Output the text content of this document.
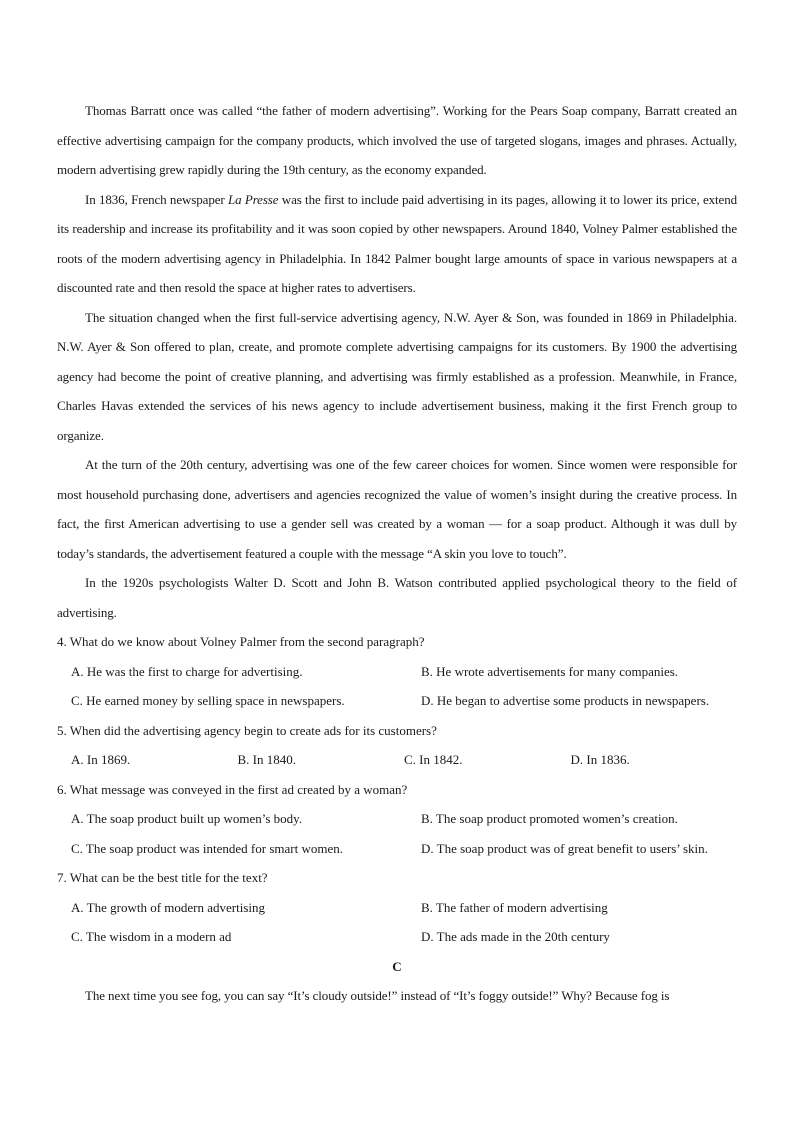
Thomas Barratt once was called “the father of modern advertising”. Working for the Pears Soap company, Barratt created an effective advertising campaign for the company products, which involved the use of targeted slogans, images and phrases. Actually, modern advertising grew rapidly during the 19th century, as the economy expanded.

In 1836, French newspaper La Presse was the first to include paid advertising in its pages, allowing it to lower its price, extend its readership and increase its profitability and it was soon copied by other newspapers. Around 1840, Volney Palmer established the roots of the modern advertising agency in Philadelphia. In 1842 Palmer bought large amounts of space in various newspapers at a discounted rate and then resold the space at higher rates to advertisers.

The situation changed when the first full-service advertising agency, N.W. Ayer & Son, was founded in 1869 in Philadelphia. N.W. Ayer & Son offered to plan, create, and promote complete advertising campaigns for its customers. By 1900 the advertising agency had become the point of creative planning, and advertising was firmly established as a profession. Meanwhile, in France, Charles Havas extended the services of his news agency to include advertisement business, making it the first French group to organize.

At the turn of the 20th century, advertising was one of the few career choices for women. Since women were responsible for most household purchasing done, advertisers and agencies recognized the value of women’s insight during the creative process. In fact, the first American advertising to use a gender sell was created by a woman — for a soap product. Although it was dull by today’s standards, the advertisement featured a couple with the message “A skin you love to touch”.

In the 1920s psychologists Walter D. Scott and John B. Watson contributed applied psychological theory to the field of advertising.

4. What do we know about Volney Palmer from the second paragraph?
A. He was the first to charge for advertising.	B. He wrote advertisements for many companies.
C. He earned money by selling space in newspapers.	D. He began to advertise some products in newspapers.
5. When did the advertising agency begin to create ads for its customers?
A. In 1869.	B. In 1840.	C. In 1842.	D. In 1836.
6. What message was conveyed in the first ad created by a woman?
A. The soap product built up women’s body.	B. The soap product promoted women’s creation.
C. The soap product was intended for smart women.	D. The soap product was of great benefit to users’ skin.
7. What can be the best title for the text?
A. The growth of modern advertising	B. The father of modern advertising
C. The wisdom in a modern ad	D. The ads made in the 20th century
C

The next time you see fog, you can say “It’s cloudy outside!” instead of “It’s foggy outside!” Why? Because fog is
